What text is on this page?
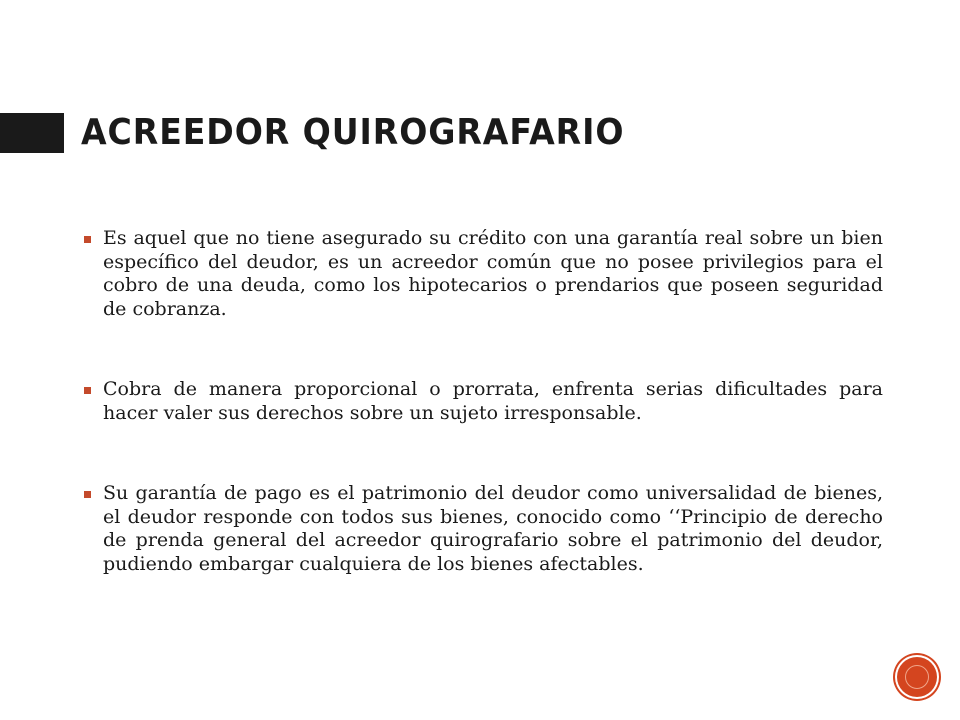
ACREEDOR QUIROGRAFARIO
Es aquel que no tiene asegurado su crédito con una garantía real sobre un bien específico del deudor, es un acreedor común que no posee privilegios para el cobro de una deuda, como los hipotecarios o prendarios que poseen seguridad de cobranza.
Cobra de manera proporcional o prorrata, enfrenta serias dificultades para hacer valer sus derechos sobre un sujeto irresponsable.
Su garantía de pago es el patrimonio del deudor como universalidad de bienes, el deudor responde con todos sus bienes, conocido como ‘‘Principio de derecho de prenda general del acreedor quirografario sobre el patrimonio del deudor, pudiendo embargar cualquiera de los bienes afectables.
